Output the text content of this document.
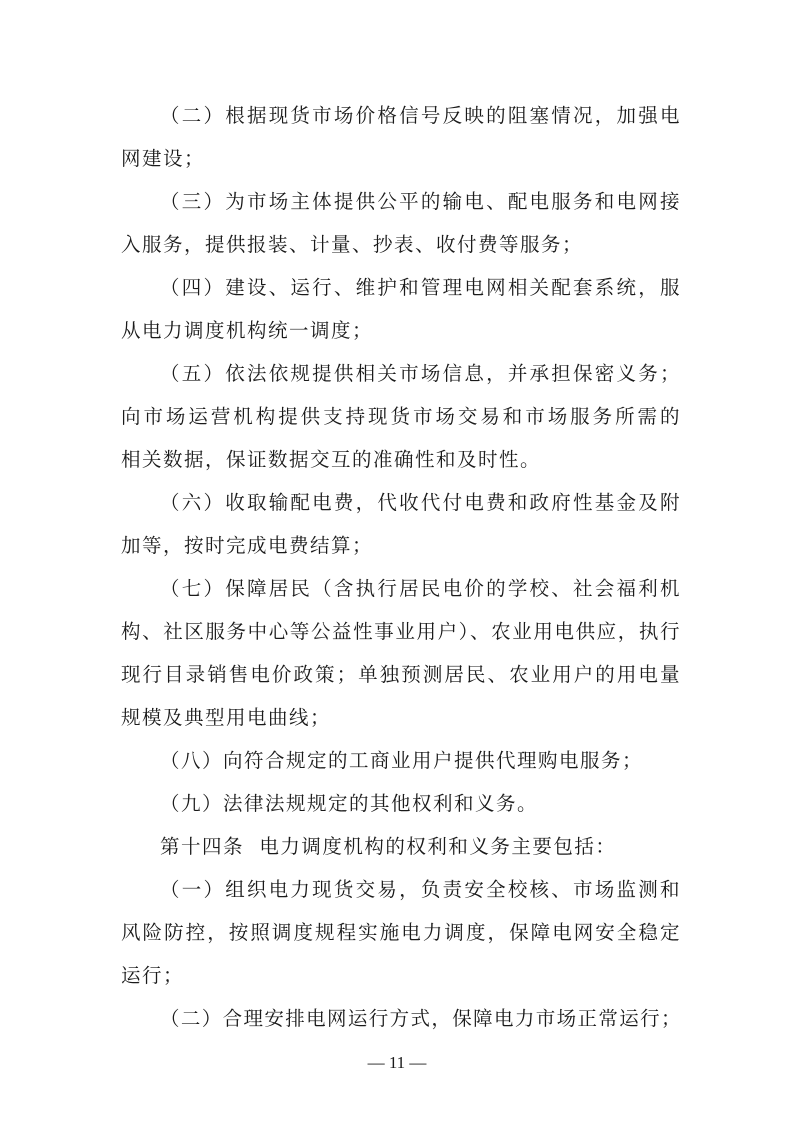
（二）根据现货市场价格信号反映的阻塞情况，加强电
网建设；
（三）为市场主体提供公平的输电、配电服务和电网接
入服务，提供报装、计量、抄表、收付费等服务；
（四）建设、运行、维护和管理电网相关配套系统，服
从电力调度机构统一调度；
（五）依法依规提供相关市场信息，并承担保密义务；
向市场运营机构提供支持现货市场交易和市场服务所需的
相关数据，保证数据交互的准确性和及时性。
（六）收取输配电费，代收代付电费和政府性基金及附
加等，按时完成电费结算；
（七）保障居民（含执行居民电价的学校、社会福利机
构、社区服务中心等公益性事业用户）、农业用电供应，执行
现行目录销售电价政策；单独预测居民、农业用户的用电量
规模及典型用电曲线；
（八）向符合规定的工商业用户提供代理购电服务；
（九）法律法规规定的其他权利和义务。
第十四条  电力调度机构的权利和义务主要包括：
（一）组织电力现货交易，负责安全校核、市场监测和
风险防控，按照调度规程实施电力调度，保障电网安全稳定
运行；
（二）合理安排电网运行方式，保障电力市场正常运行；
— 11 —
